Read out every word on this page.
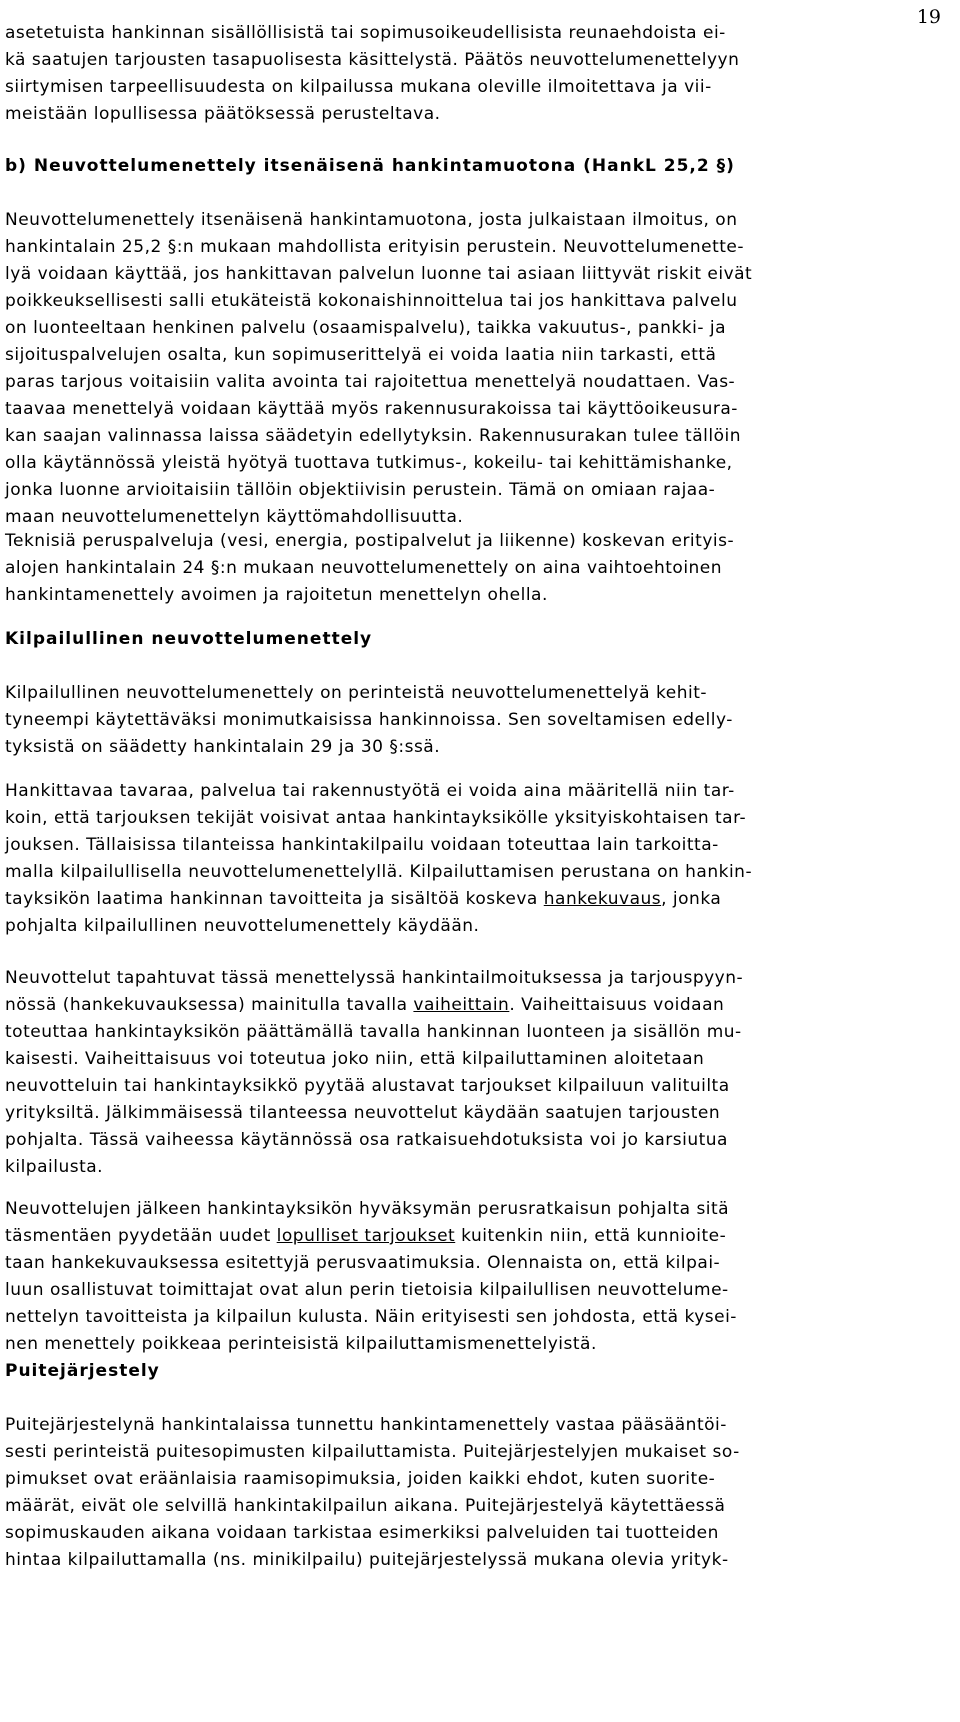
19
asetetuista hankinnan sisällöllisistä tai sopimusoikeudellisista reunaehdoista ei-
kä saatujen tarjousten tasapuolisesta käsittelystä. Päätös neuvottelumenettelyyn
siirtymisen tarpeellisuudesta on kilpailussa mukana oleville ilmoitettava ja vii-
meistään lopullisessa päätöksessä perusteltava.
b) Neuvottelumenettely itsenäisenä hankintamuotona (HankL 25,2 §)
Neuvottelumenettely itsenäisenä hankintamuotona, josta julkaistaan ilmoitus, on
hankintalain 25,2 §:n mukaan mahdollista erityisin perustein. Neuvottelumenette-
lyä voidaan käyttää, jos hankittavan palvelun luonne tai asiaan liittyvät riskit eivät
poikkeuksellisesti salli etukäteistä kokonaishinnoittelua tai jos hankittava palvelu
on luonteeltaan henkinen palvelu (osaamispalvelu), taikka vakuutus-, pankki- ja
sijoituspalvelujen osalta, kun sopimuserittelyä ei voida laatia niin tarkasti, että
paras tarjous voitaisiin valita avointa tai rajoitettua menettelyä noudattaen. Vas-
taavaa menettelyä voidaan käyttää myös rakennusurakoissa tai käyttöoikeusura-
kan saajan valinnassa laissa säädetyin edellytyksin. Rakennusurakan tulee tällöin
olla käytännössä yleistä hyötyä tuottava tutkimus-, kokeilu- tai kehittämishanke,
jonka luonne arvioitaisiin tällöin objektiivisin perustein. Tämä on omiaan rajaa-
maan neuvottelumenettelyn käyttömahdollisuutta.
Teknisiä peruspalveluja (vesi, energia, postipalvelut ja liikenne) koskevan erityis-
alojen hankintalain 24 §:n mukaan neuvottelumenettely on aina vaihtoehtoinen
hankintamenettely avoimen ja rajoitetun menettelyn ohella.
Kilpailullinen neuvottelumenettely
Kilpailullinen neuvottelumenettely on perinteistä neuvottelumenettelyä kehit-
tyneempi käytettäväksi monimutkaisissa hankinnoissa. Sen soveltamisen edelly-
tyksistä on säädetty hankintalain 29 ja 30 §:ssä.
Hankittavaa tavaraa, palvelua tai rakennustyötä ei voida aina määritellä niin tar-
koin, että tarjouksen tekijät voisivat antaa hankintayksikölle yksityiskohtaisen tar-
jouksen. Tällaisissa tilanteissa hankintakilpailu voidaan toteuttaa lain tarkoitta-
malla kilpailullisella neuvottelumenettelyllä. Kilpailuttamisen perustana on hankin-
tayksikön laatima hankinnan tavoitteita ja sisältöä koskeva hankekuvaus, jonka
pohjalta kilpailullinen neuvottelumenettely käydään.
Neuvottelut tapahtuvat tässä menettelyssä hankintailmoituksessa ja tarjouspyyn-
nössä (hankekuvauksessa) mainitulla tavalla vaiheittain. Vaiheittaisuus voidaan
toteuttaa hankintayksikön päättämällä tavalla hankinnan luonteen ja sisällön mu-
kaisesti. Vaiheittaisuus voi toteutua joko niin, että kilpailuttaminen aloitetaan
neuvotteluin tai hankintayksikkö pyytää alustavat tarjoukset kilpailuun valituilta
yrityksiltä. Jälkimmäisessä tilanteessa neuvottelut käydään saatujen tarjousten
pohjalta. Tässä vaiheessa käytännössä osa ratkaisuehdotuksista voi jo karsiutua
kilpailusta.
Neuvottelujen jälkeen hankintayksikön hyväksymän perusratkaisun pohjalta sitä
täsmentäen pyydetään uudet lopulliset tarjoukset kuitenkin niin, että kunnioite-
taan hankekuvauksessa esitettyjä perusvaatimuksia. Olennaista on, että kilpai-
luun osallistuvat toimittajat ovat alun perin tietoisia kilpailullisen neuvottelume-
nettelyn tavoitteista ja kilpailun kulusta. Näin erityisesti sen johdosta, että kysei-
nen menettely poikkeaa perinteisistä kilpailuttamismenettelyistä.
Puitejärjestely
Puitejärjestelynä hankintalaissa tunnettu hankintamenettely vastaa pääsääntöi-
sesti perinteistä puitesopimusten kilpailuttamista. Puitejärjestelyjen mukaiset so-
pimukset ovat eräänlaisia raamisopimuksia, joiden kaikki ehdot, kuten suorite-
määrät, eivät ole selvillä hankintakilpailun aikana. Puitejärjestelyä käytettäessä
sopimuskauden aikana voidaan tarkistaa esimerkiksi palveluiden tai tuotteiden
hintaa kilpailuttamalla (ns. minikilpailu) puitejärjestelyssä mukana olevia yrityk-
